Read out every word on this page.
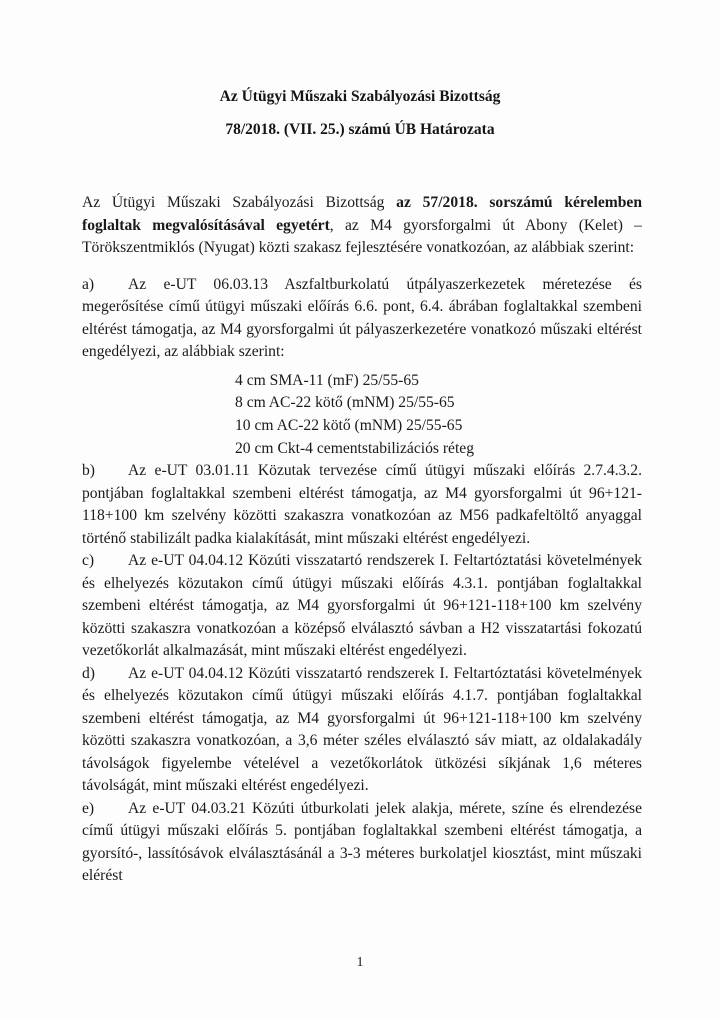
Az Útügyi Műszaki Szabályozási Bizottság
78/2018. (VII. 25.) számú ÚB Határozata

Az Útügyi Műszaki Szabályozási Bizottság az 57/2018. sorszámú kérelemben foglaltak megvalósításával egyetért, az M4 gyorsforgalmi út Abony (Kelet) – Törökszentmiklós (Nyugat) közti szakasz fejlesztésére vonatkozóan, az alábbiak szerint:

a) Az e-UT 06.03.13 Aszfaltburkolatú útpályaszerkezetek méretezése és megerősítése című útügyi műszaki előírás 6.6. pont, 6.4. ábrában foglaltakkal szembeni eltérést támogatja, az M4 gyorsforgalmi út pályaszerkezetére vonatkozó műszaki eltérést engedélyezi, az alábbiak szerint:

4 cm SMA-11 (mF) 25/55-65
8 cm AC-22 kötő (mNM) 25/55-65
10 cm AC-22 kötő (mNM) 25/55-65
20 cm Ckt-4 cementstabilizációs réteg

b) Az e-UT 03.01.11 Közutak tervezése című útügyi műszaki előírás 2.7.4.3.2. pontjában foglaltakkal szembeni eltérést támogatja, az M4 gyorsforgalmi út 96+121-118+100 km szelvény közötti szakaszra vonatkozóan az M56 padkafeltöltő anyaggal történő stabilizált padka kialakítását, mint műszaki eltérést engedélyezi.

c) Az e-UT 04.04.12 Közúti visszatartó rendszerek I. Feltartóztatási követelmények és elhelyezés közutakon című útügyi műszaki előírás 4.3.1. pontjában foglaltakkal szembeni eltérést támogatja, az M4 gyorsforgalmi út 96+121-118+100 km szelvény közötti szakaszra vonatkozóan a középső elválasztó sávban a H2 visszatartási fokozatú vezetőkorlát alkalmazását, mint műszaki eltérést engedélyezi.

d) Az e-UT 04.04.12 Közúti visszatartó rendszerek I. Feltartóztatási követelmények és elhelyezés közutakon című útügyi műszaki előírás 4.1.7. pontjában foglaltakkal szembeni eltérést támogatja, az M4 gyorsforgalmi út 96+121-118+100 km szelvény közötti szakaszra vonatkozóan, a 3,6 méter széles elválasztó sáv miatt, az oldalakadály távolságok figyelembe vételével a vezetőkorlátok ütközési síkjának 1,6 méteres távolságát, mint műszaki eltérést engedélyezi.

e) Az e-UT 04.03.21 Közúti útburkolati jelek alakja, mérete, színe és elrendezése című útügyi műszaki előírás 5. pontjában foglaltakkal szembeni eltérést támogatja, a gyorsító-, lassítósávok elválasztásánál a 3-3 méteres burkolatjel kiosztást, mint műszaki elérést

1
